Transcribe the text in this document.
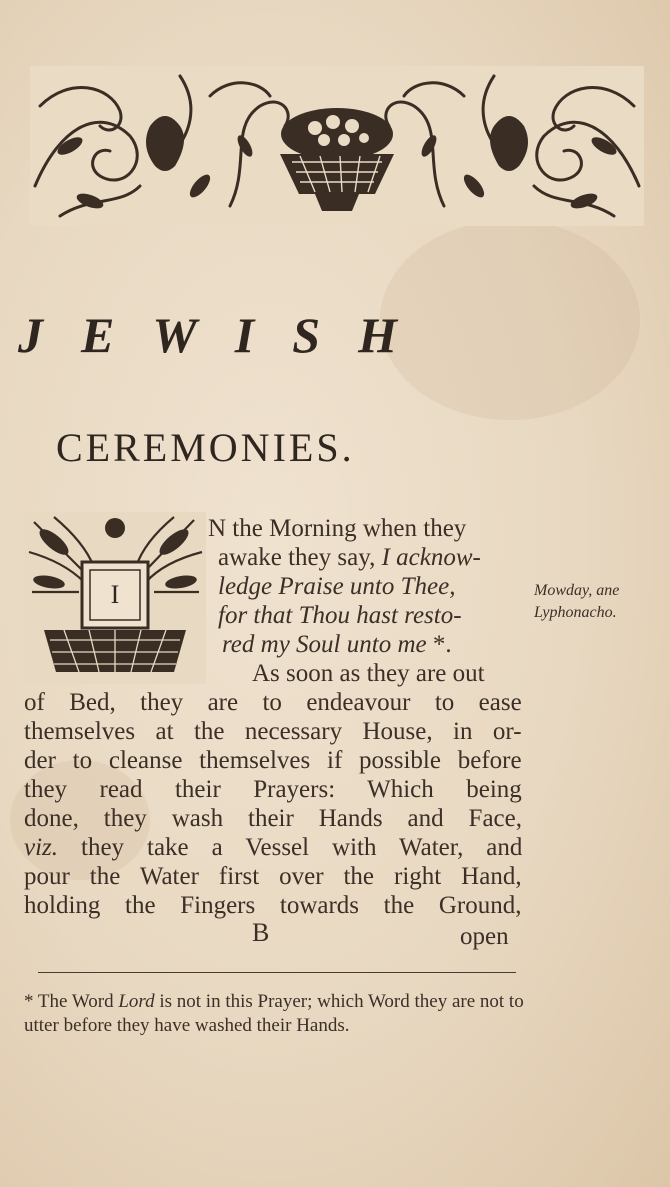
JEWISH
CEREMONIES.
I
N the Morning when they
awake they say, I acknow-
ledge Praise unto Thee,
for that Thou hast resto-
red my Soul unto me *.
As soon as they are out
of Bed, they are to endeavour to ease
themselves at the necessary House, in or-
der to cleanse themselves if possible before
they read their Prayers: Which being
done, they wash their Hands and Face,
viz. they take a Vessel with Water, and
pour the Water first over the right Hand,
holding the Fingers towards the Ground,
B	open
Mowday, ane
Lyphonacho.
* The Word Lord is not in this Prayer; which Word they are not to utter before they have washed their Hands.
